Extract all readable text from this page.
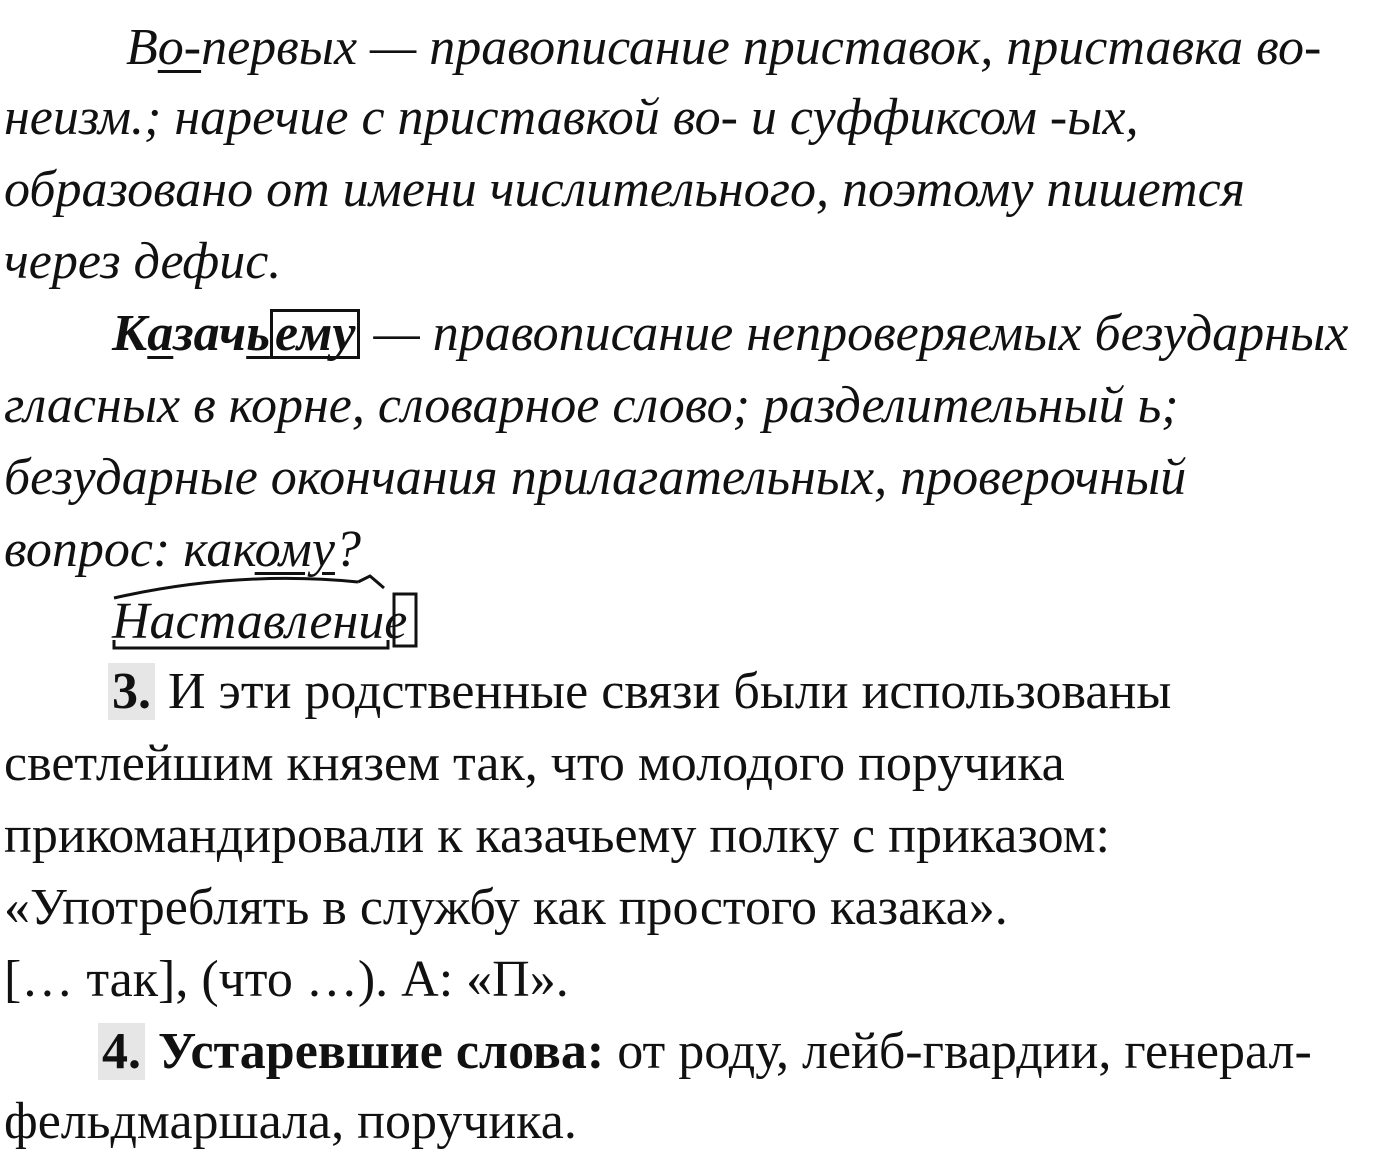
Во-первых — правописание приставок, приставка во-
неизм.; наречие с приставкой во- и суффиксом -ых,
образовано от имени числительного, поэтому пишется
через дефис.
Казачьему — правописание непроверяемых безударных
гласных в корне, словарное слово; разделительный ь;
безударные окончания прилагательных, проверочный
вопрос: какому?
Наставление
3. И эти родственные связи были использованы
светлейшим князем так, что молодого поручика
прикомандировали к казачьему полку с приказом:
«Употреблять в службу как простого казака».
[… так], (что …). А: «П».
4. Устаревшие слова: от роду, лейб-гвардии, генерал-
фельдмаршала, поручика.
